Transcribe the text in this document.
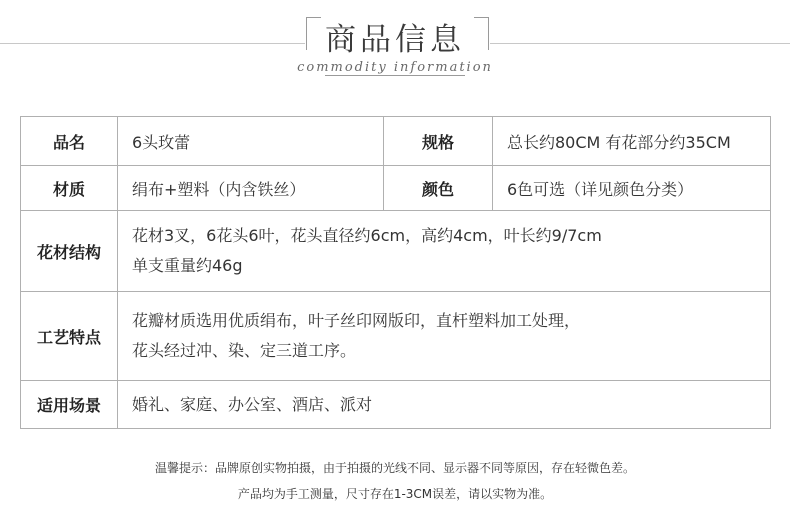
商品信息
commodity information
品名	6头玫蕾	规格	总长约80CM 有花部分约35CM
材质	绢布+塑料（内含铁丝）	颜色	6色可选（详见颜色分类）
花材结构	花材3叉，6花头6叶，花头直径约6cm，高约4cm，叶长约9/7cm
单支重量约46g		

工艺特点	花瓣材质选用优质绢布，叶子丝印网版印，直杆塑料加工处理，
花头经过冲、染、定三道工序。		

适用场景	婚礼、家庭、办公室、酒店、派对		
温馨提示：品牌原创实物拍摄，由于拍摄的光线不同、显示器不同等原因，存在轻微色差。
产品均为手工测量，尺寸存在1-3CM误差，请以实物为准。
